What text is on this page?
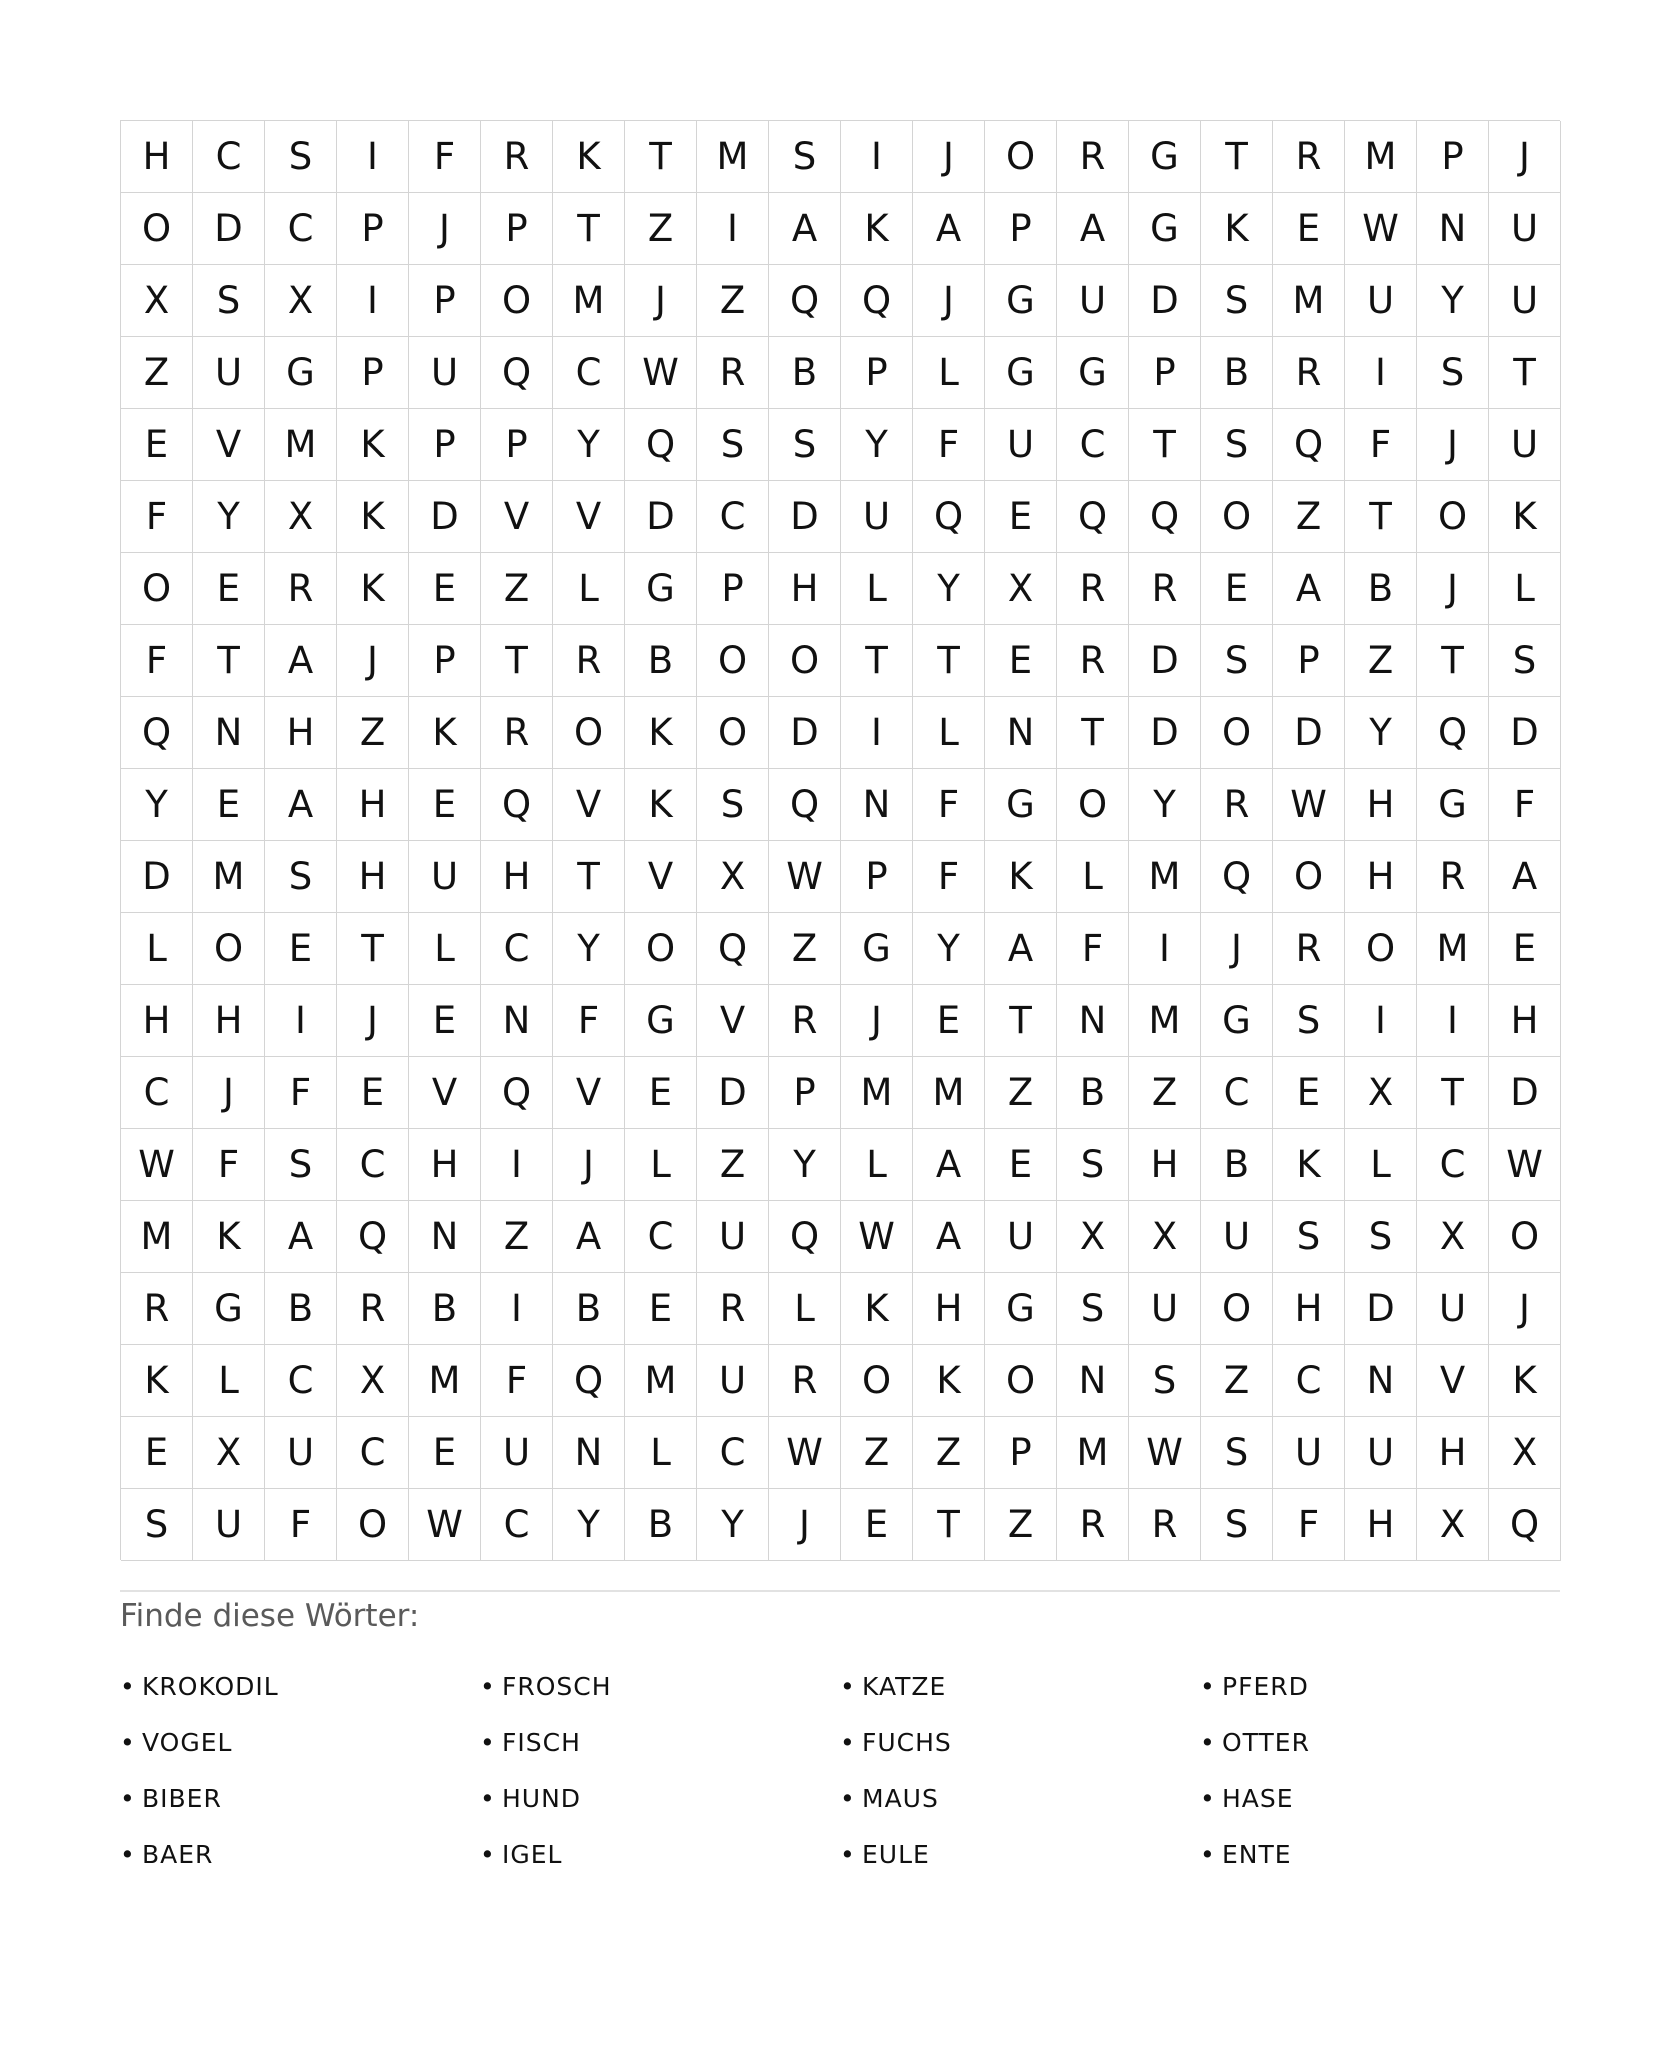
H	C	S	I	F	R	K	T	M	S	I	J	O	R	G	T	R	M	P	J
O	D	C	P	J	P	T	Z	I	A	K	A	P	A	G	K	E	W	N	U
X	S	X	I	P	O	M	J	Z	Q	Q	J	G	U	D	S	M	U	Y	U
Z	U	G	P	U	Q	C	W	R	B	P	L	G	G	P	B	R	I	S	T
E	V	M	K	P	P	Y	Q	S	S	Y	F	U	C	T	S	Q	F	J	U
F	Y	X	K	D	V	V	D	C	D	U	Q	E	Q	Q	O	Z	T	O	K
O	E	R	K	E	Z	L	G	P	H	L	Y	X	R	R	E	A	B	J	L
F	T	A	J	P	T	R	B	O	O	T	T	E	R	D	S	P	Z	T	S
Q	N	H	Z	K	R	O	K	O	D	I	L	N	T	D	O	D	Y	Q	D
Y	E	A	H	E	Q	V	K	S	Q	N	F	G	O	Y	R	W	H	G	F
D	M	S	H	U	H	T	V	X	W	P	F	K	L	M	Q	O	H	R	A
L	O	E	T	L	C	Y	O	Q	Z	G	Y	A	F	I	J	R	O	M	E
H	H	I	J	E	N	F	G	V	R	J	E	T	N	M	G	S	I	I	H
C	J	F	E	V	Q	V	E	D	P	M	M	Z	B	Z	C	E	X	T	D
W	F	S	C	H	I	J	L	Z	Y	L	A	E	S	H	B	K	L	C	W
M	K	A	Q	N	Z	A	C	U	Q	W	A	U	X	X	U	S	S	X	O
R	G	B	R	B	I	B	E	R	L	K	H	G	S	U	O	H	D	U	J
K	L	C	X	M	F	Q	M	U	R	O	K	O	N	S	Z	C	N	V	K
E	X	U	C	E	U	N	L	C	W	Z	Z	P	M	W	S	U	U	H	X
S	U	F	O	W	C	Y	B	Y	J	E	T	Z	R	R	S	F	H	X	Q
Finde diese Wörter:
• KROKODIL	• FROSCH	• KATZE	• PFERD
• VOGEL	• FISCH	• FUCHS	• OTTER
• BIBER	• HUND	• MAUS	• HASE
• BAER	• IGEL	• EULE	• ENTE
